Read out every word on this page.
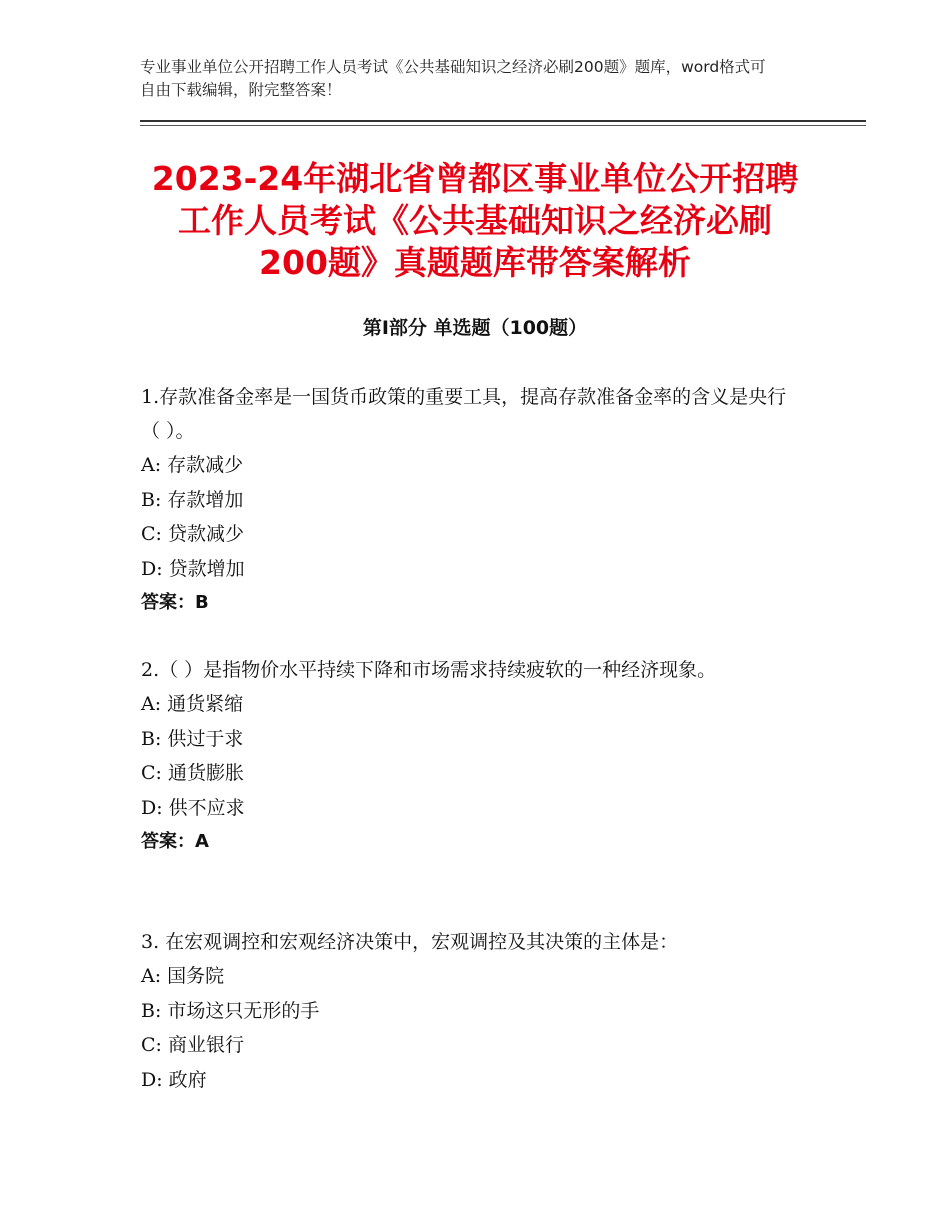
专业事业单位公开招聘工作人员考试《公共基础知识之经济必刷200题》题库，word格式可自由下载编辑，附完整答案！
2023-24年湖北省曾都区事业单位公开招聘
工作人员考试《公共基础知识之经济必刷
200题》真题题库带答案解析
第Ⅰ部分 单选题（100题）

1.存款准备金率是一国货币政策的重要工具，提高存款准备金率的含义是央行（ ）。

A: 存款减少

B: 存款增加

C: 贷款减少

D: 贷款增加

答案：B

2.（ ）是指物价水平持续下降和市场需求持续疲软的一种经济现象。

A: 通货紧缩

B: 供过于求

C: 通货膨胀

D: 供不应求

答案：A

3. 在宏观调控和宏观经济决策中，宏观调控及其决策的主体是：

A: 国务院

B: 市场这只无形的手

C: 商业银行

D: 政府
